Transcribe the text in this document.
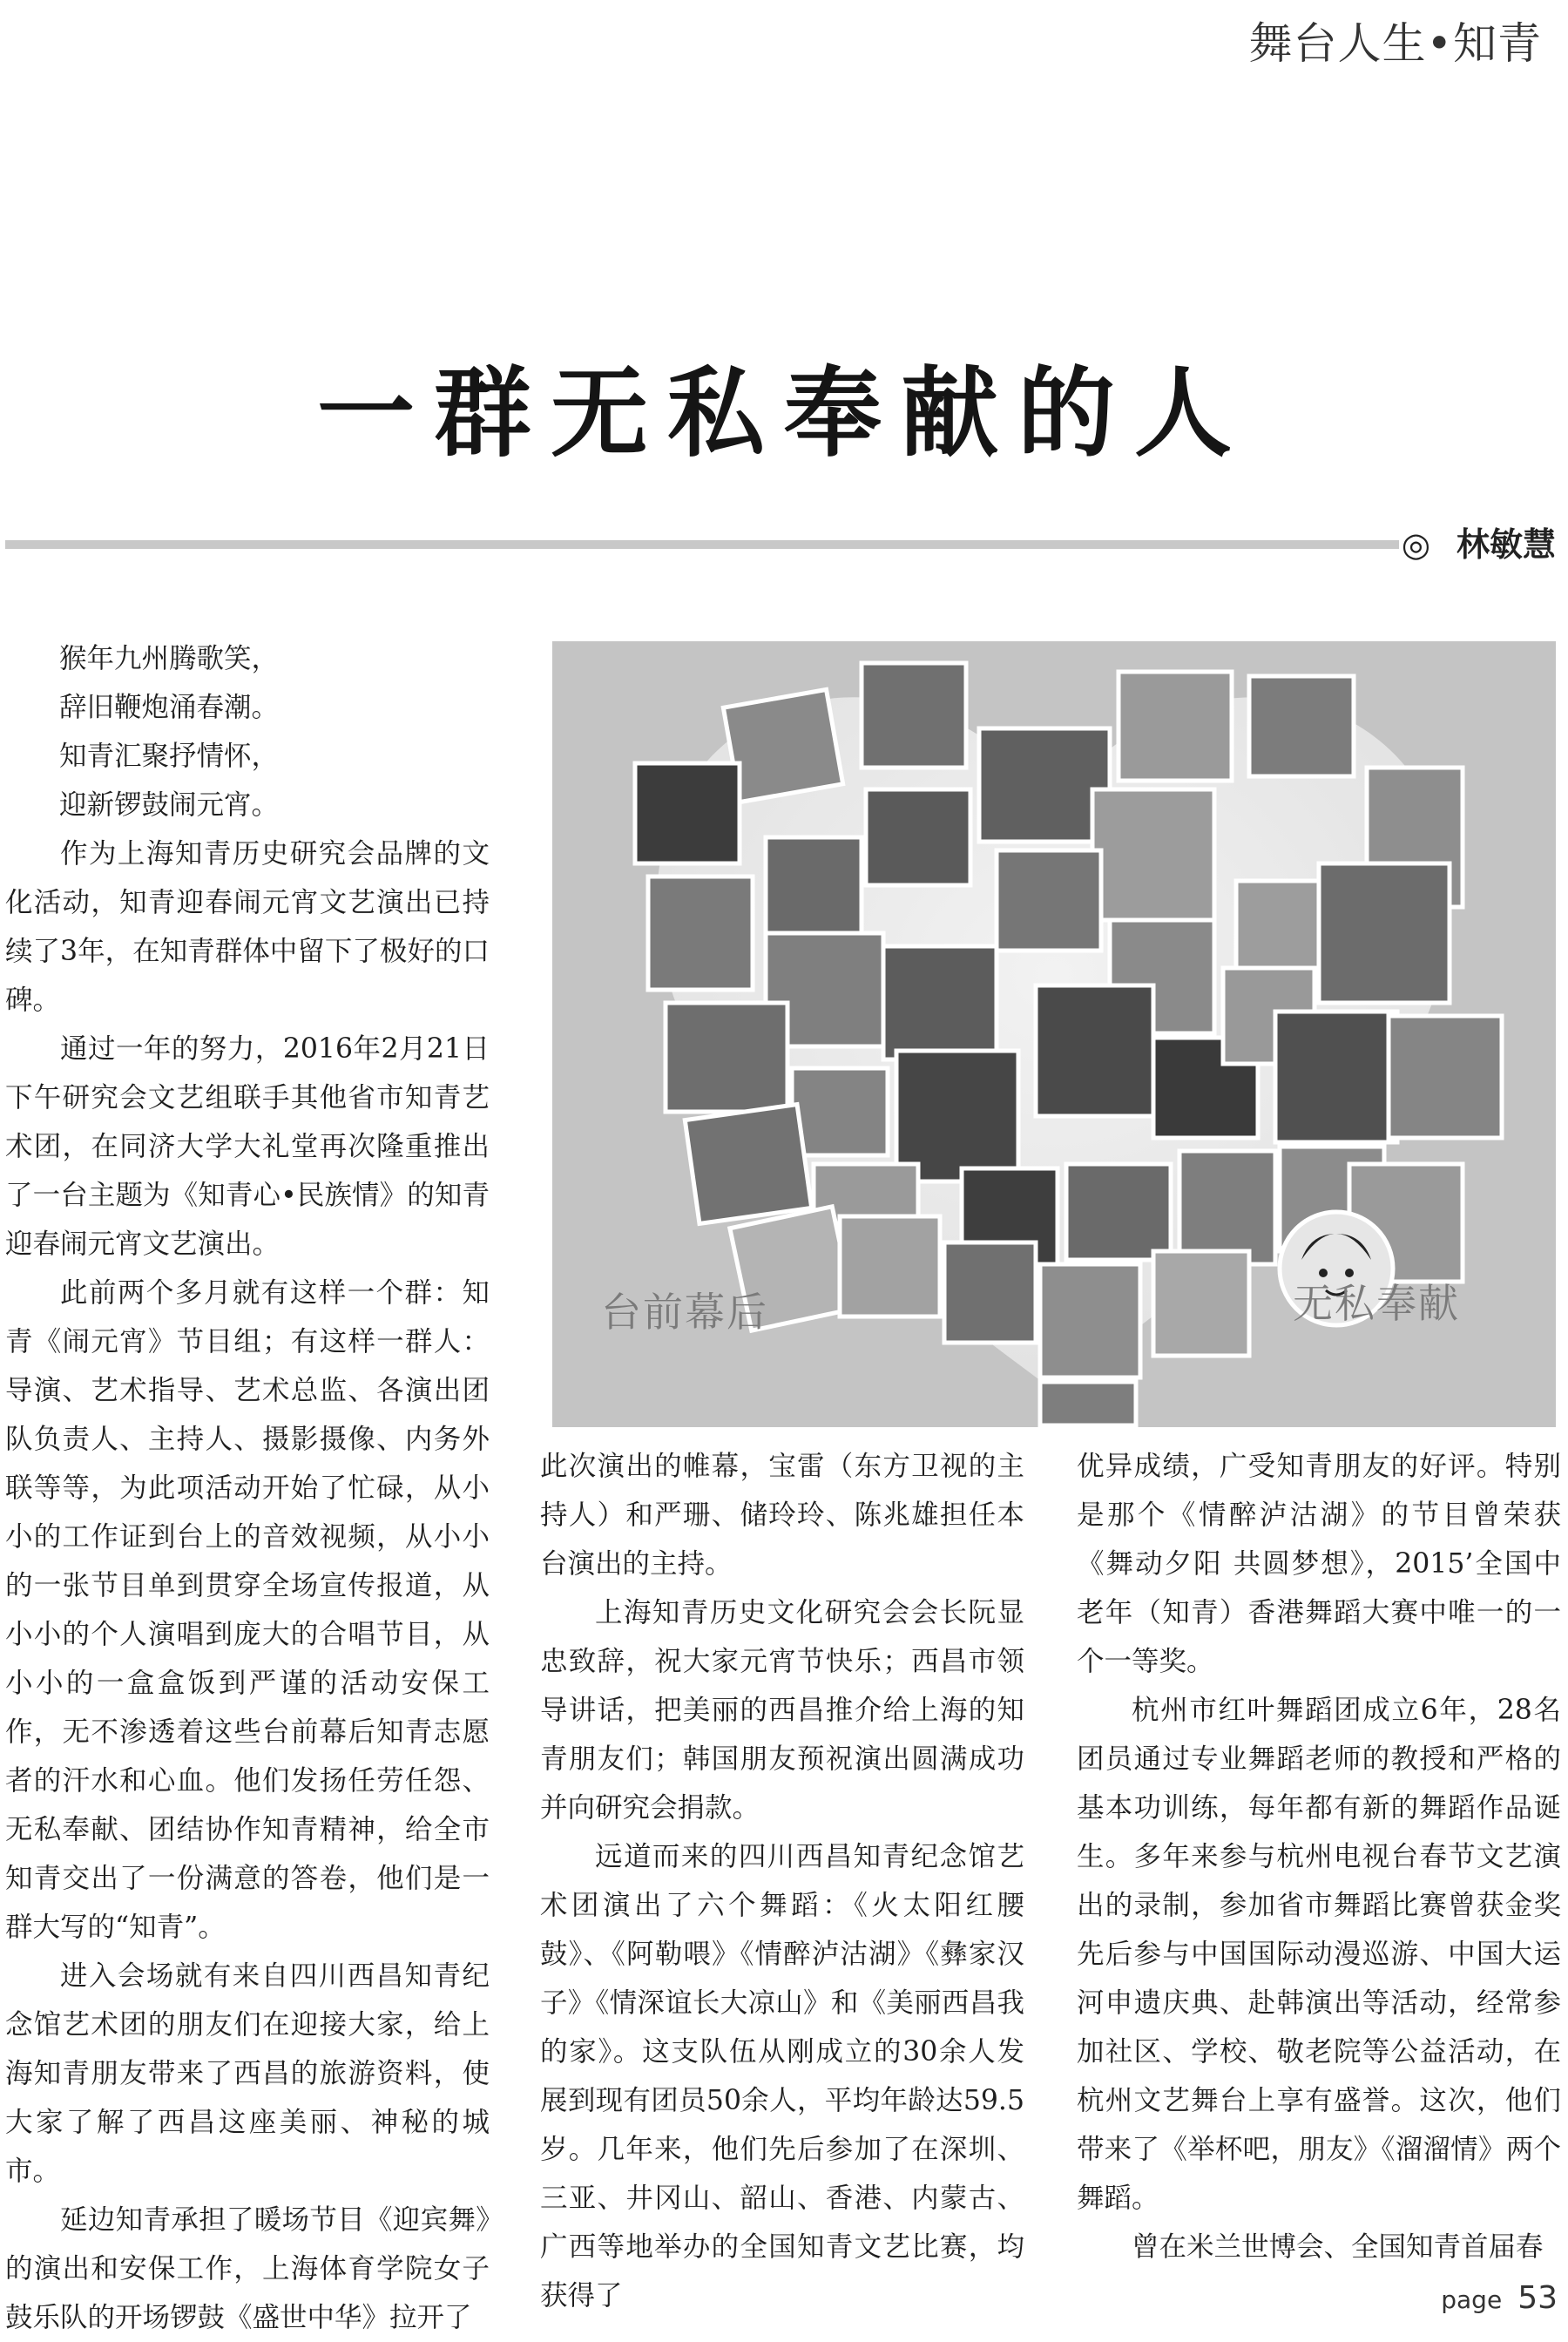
舞台人生•知青
一群无私奉献的人
◎ 林敏慧
猴年九州腾歌笑，
辞旧鞭炮涌春潮。
知青汇聚抒情怀，
迎新锣鼓闹元宵。

作为上海知青历史研究会品牌的文化活动，知青迎春闹元宵文艺演出已持续了3年，在知青群体中留下了极好的口碑。

通过一年的努力，2016年2月21日下午研究会文艺组联手其他省市知青艺术团，在同济大学大礼堂再次隆重推出了一台主题为《知青心•民族情》的知青迎春闹元宵文艺演出。

此前两个多月就有这样一个群：知青《闹元宵》节目组；有这样一群人：导演、艺术指导、艺术总监、各演出团队负责人、主持人、摄影摄像、内务外联等等，为此项活动开始了忙碌，从小小的工作证到台上的音效视频，从小小的一张节目单到贯穿全场宣传报道，从小小的个人演唱到庞大的合唱节目，从小小的一盒盒饭到严谨的活动安保工作，无不渗透着这些台前幕后知青志愿者的汗水和心血。他们发扬任劳任怨、无私奉献、团结协作知青精神，给全市知青交出了一份满意的答卷，他们是一群大写的“知青”。

进入会场就有来自四川西昌知青纪念馆艺术团的朋友们在迎接大家，给上海知青朋友带来了西昌的旅游资料，使大家了解了西昌这座美丽、神秘的城市。

延边知青承担了暖场节目《迎宾舞》的演出和安保工作，上海体育学院女子鼓乐队的开场锣鼓《盛世中华》拉开了

台前幕后	无私奉献

此次演出的帷幕，宝雷（东方卫视的主持人）和严珊、储玲玲、陈兆雄担任本台演出的主持。

上海知青历史文化研究会会长阮显忠致辞，祝大家元宵节快乐；西昌市领导讲话，把美丽的西昌推介给上海的知青朋友们；韩国朋友预祝演出圆满成功并向研究会捐款。

远道而来的四川西昌知青纪念馆艺术团演出了六个舞蹈：《火太阳红腰鼓》、《阿勒喂》《情醉泸沽湖》《彝家汉子》《情深谊长大凉山》和《美丽西昌我的家》。这支队伍从刚成立的30余人发展到现有团员50余人，平均年龄达59.5岁。几年来，他们先后参加了在深圳、三亚、井冈山、韶山、香港、内蒙古、广西等地举办的全国知青文艺比赛，均获得了

优异成绩，广受知青朋友的好评。特别是那个《情醉泸沽湖》的节目曾荣获《舞动夕阳 共圆梦想》，2015’全国中老年（知青）香港舞蹈大赛中唯一的一个一等奖。

杭州市红叶舞蹈团成立6年，28名团员通过专业舞蹈老师的教授和严格的基本功训练，每年都有新的舞蹈作品诞生。多年来参与杭州电视台春节文艺演出的录制，参加省市舞蹈比赛曾获金奖先后参与中国国际动漫巡游、中国大运河申遗庆典、赴韩演出等活动，经常参加社区、学校、敬老院等公益活动，在杭州文艺舞台上享有盛誉。这次，他们带来了《举杯吧，朋友》《溜溜情》两个舞蹈。

曾在米兰世博会、全国知青首届春

page 53
